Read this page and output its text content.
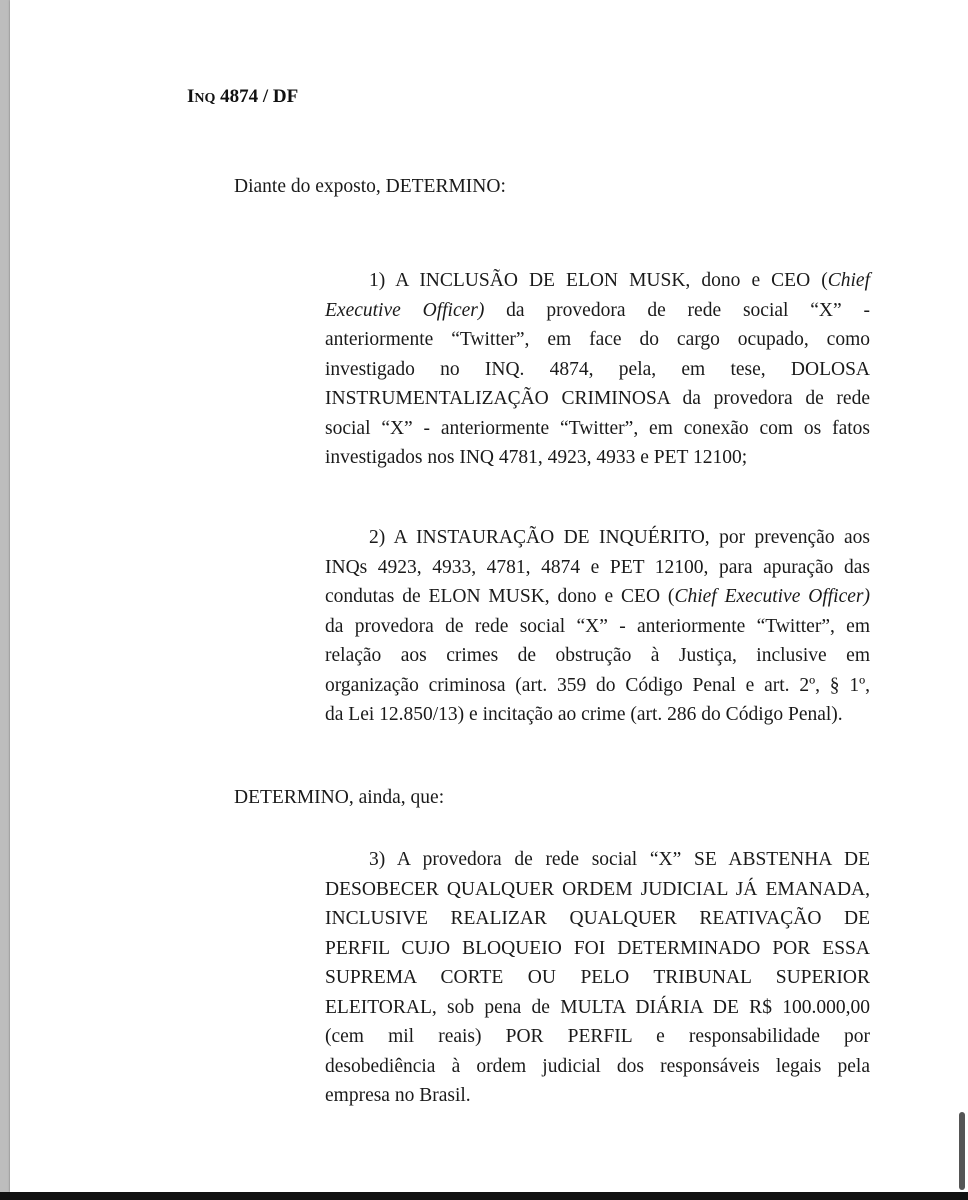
INQ 4874 / DF
Diante do exposto, DETERMINO:
1) A INCLUSÃO DE ELON MUSK, dono e CEO (Chief
Executive Officer) da provedora de rede social “X” -
anteriormente “Twitter”, em face do cargo ocupado, como
investigado no INQ. 4874, pela, em tese, DOLOSA
INSTRUMENTALIZAÇÃO CRIMINOSA da provedora de rede
social “X” - anteriormente “Twitter”, em conexão com os fatos
investigados nos INQ 4781, 4923, 4933 e PET 12100;
2) A INSTAURAÇÃO DE INQUÉRITO, por prevenção aos
INQs 4923, 4933, 4781, 4874 e PET 12100, para apuração das
condutas de ELON MUSK, dono e CEO (Chief Executive Officer)
da provedora de rede social “X” - anteriormente “Twitter”, em
relação aos crimes de obstrução à Justiça, inclusive em
organização criminosa (art. 359 do Código Penal e art. 2º, § 1º,
da Lei 12.850/13) e incitação ao crime (art. 286 do Código Penal).
DETERMINO, ainda, que:
3) A provedora de rede social “X” SE ABSTENHA DE
DESOBECER QUALQUER ORDEM JUDICIAL JÁ EMANADA,
INCLUSIVE REALIZAR QUALQUER REATIVAÇÃO DE
PERFIL CUJO BLOQUEIO FOI DETERMINADO POR ESSA
SUPREMA CORTE OU PELO TRIBUNAL SUPERIOR
ELEITORAL, sob pena de MULTA DIÁRIA DE R$ 100.000,00
(cem mil reais) POR PERFIL e responsabilidade por
desobediência à ordem judicial dos responsáveis legais pela
empresa no Brasil.
